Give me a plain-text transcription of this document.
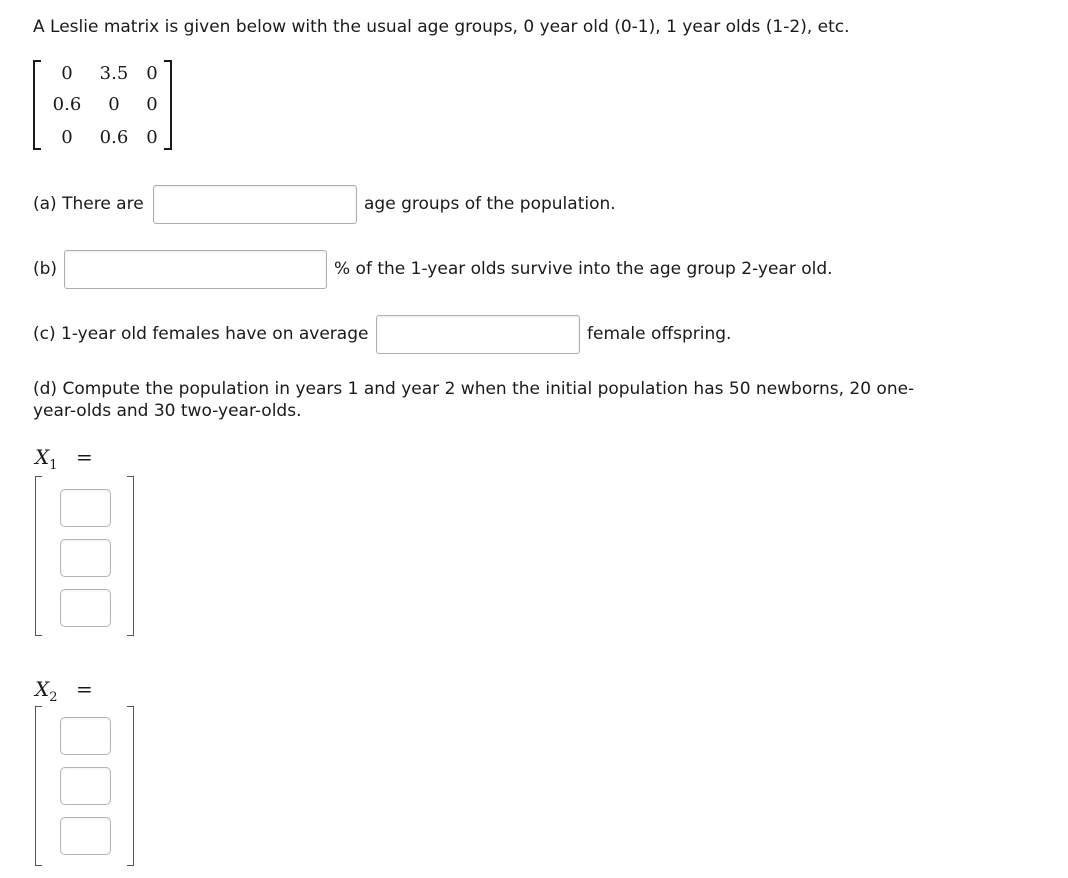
A Leslie matrix is given below with the usual age groups, 0 year old (0-1), 1 year olds (1-2), etc.
0	3.5 0
0.6	0	0
0	0.6 0
(a) There are	age groups of the population.
(b)	% of the 1-year olds survive into the age group 2-year old.
(c) 1-year old females have on average	female offspring.
(d) Compute the population in years 1 and year 2 when the initial population has 50 newborns, 20 one-
year-olds and 30 two-year-olds.
$X_1$ =
$X_2$ =
